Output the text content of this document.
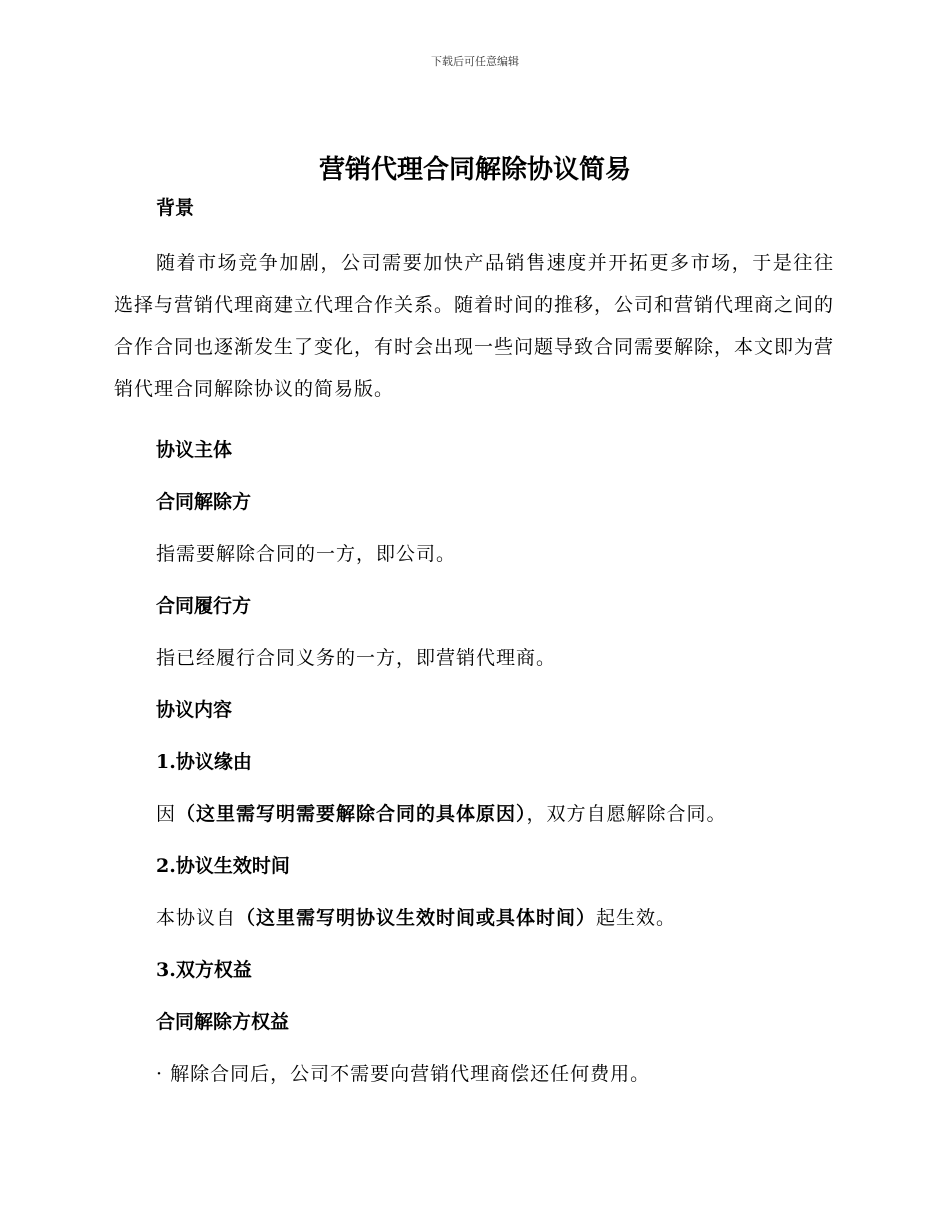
下载后可任意编辑
营销代理合同解除协议简易

背景

随着市场竞争加剧，公司需要加快产品销售速度并开拓更多市场，于是往往选择与营销代理商建立代理合作关系。随着时间的推移，公司和营销代理商之间的合作合同也逐渐发生了变化，有时会出现一些问题导致合同需要解除，本文即为营销代理合同解除协议的简易版。

协议主体

合同解除方

指需要解除合同的一方，即公司。

合同履行方

指已经履行合同义务的一方，即营销代理商。

协议内容

1.协议缘由

因（这里需写明需要解除合同的具体原因），双方自愿解除合同。

2.协议生效时间

本协议自（这里需写明协议生效时间或具体时间）起生效。

3.双方权益

合同解除方权益

· 解除合同后，公司不需要向营销代理商偿还任何费用。
